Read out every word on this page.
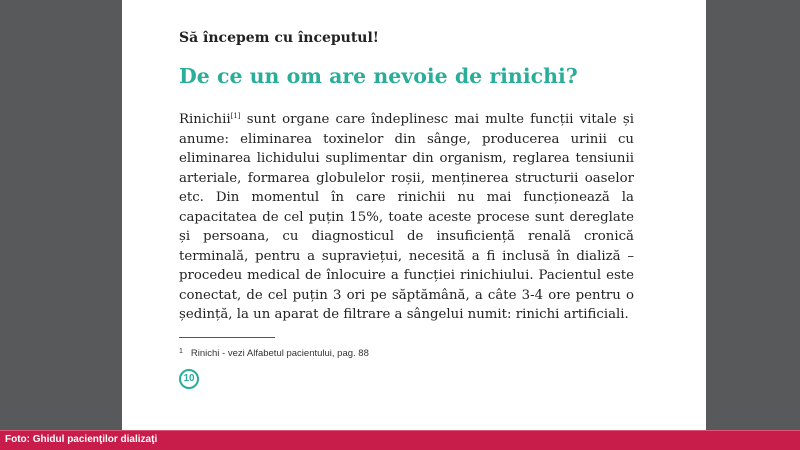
Să începem cu începutul!
De ce un om are nevoie de rinichi?

Rinichii[1] sunt organe care îndeplinesc mai multe funcții vitale și anume: eliminarea toxinelor din sânge, producerea urinii cu eliminarea lichidului suplimentar din organism, reglarea tensiunii arteriale, formarea globulelor roșii, menținerea structurii oaselor etc. Din momentul în care rinichii nu mai funcționează la capacitatea de cel puțin 15%, toate aceste procese sunt dereglate și persoana, cu diagnosticul de insuficiență renală cronică terminală, pentru a supraviețui, necesită a fi inclusă în dializă –procedeu medical de înlocuire a funcției rinichiului. Pacientul este conectat, de cel puțin 3 ori pe săptămână, a câte 3-4 ore pentru o ședință, la un aparat de filtrare a sângelui numit: rinichi artificiali.

$^1$ Rinichi - vezi Alfabetul pacientului, pag. 88
10
Foto: Ghidul pacienţilor dializaţi
